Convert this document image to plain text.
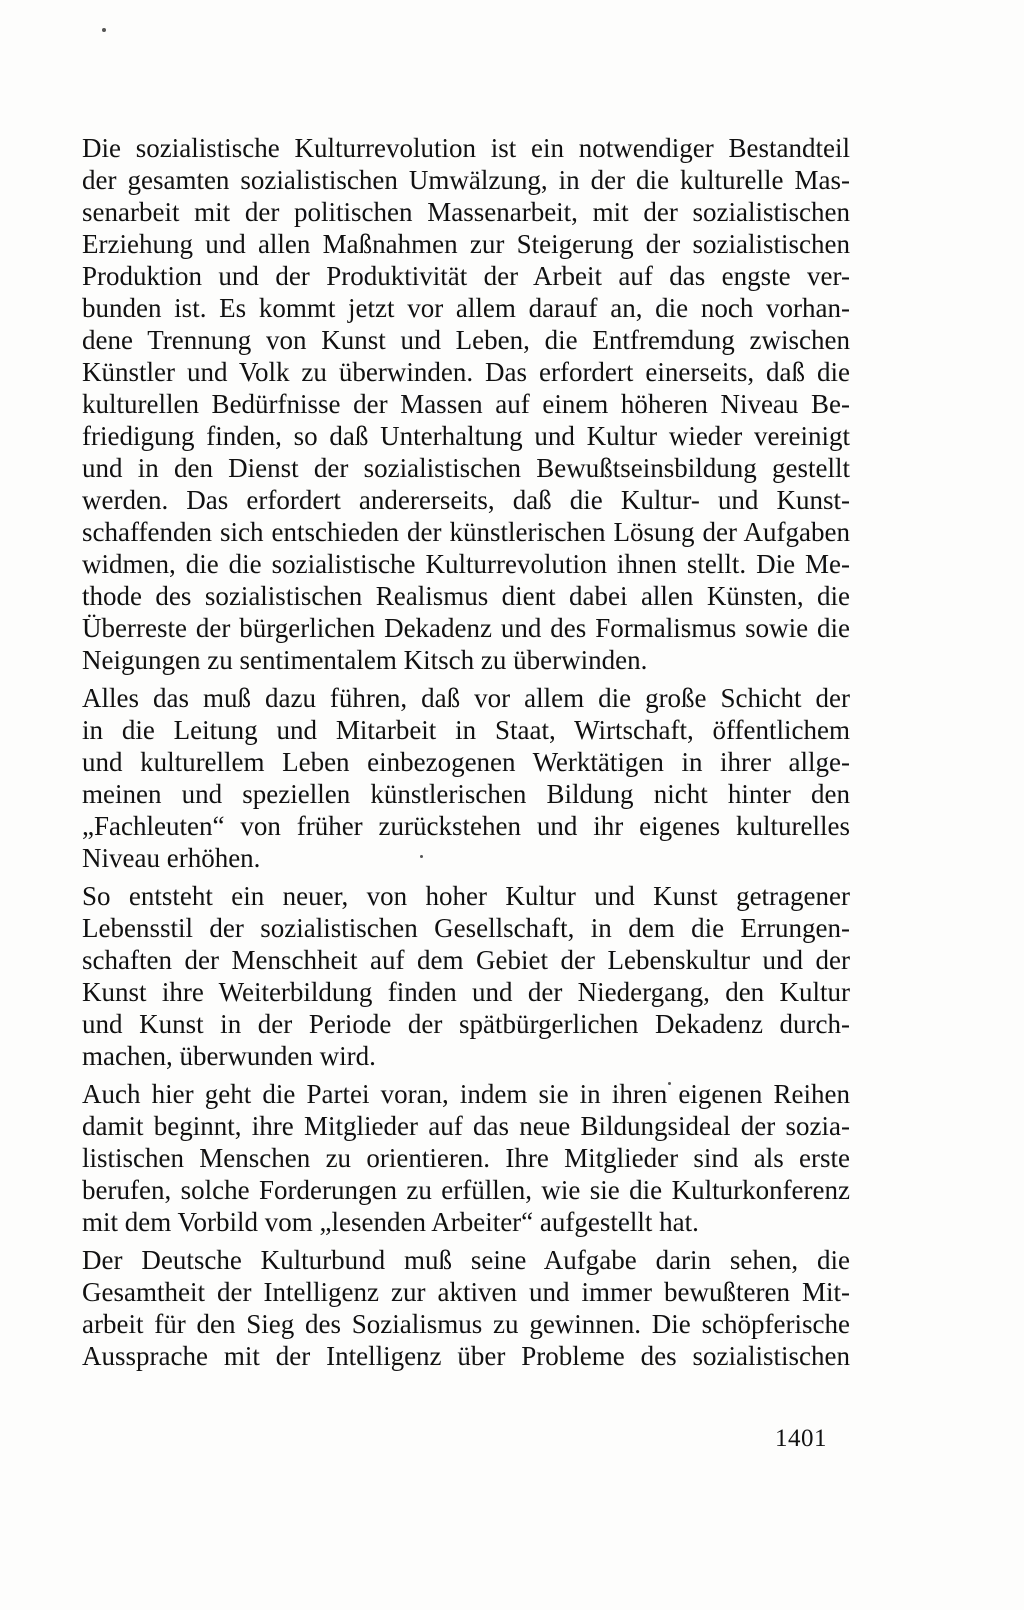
Die sozialistische Kulturrevolution ist ein notwendiger Bestandteil
der gesamten sozialistischen Umwälzung, in der die kulturelle Mas-
senarbeit mit der politischen Massenarbeit, mit der sozialistischen
Erziehung und allen Maßnahmen zur Steigerung der sozialistischen
Produktion und der Produktivität der Arbeit auf das engste ver-
bunden ist. Es kommt jetzt vor allem darauf an, die noch vorhan-
dene Trennung von Kunst und Leben, die Entfremdung zwischen
Künstler und Volk zu überwinden. Das erfordert einerseits, daß die
kulturellen Bedürfnisse der Massen auf einem höheren Niveau Be-
friedigung finden, so daß Unterhaltung und Kultur wieder vereinigt
und in den Dienst der sozialistischen Bewußtseinsbildung gestellt
werden. Das erfordert andererseits, daß die Kultur- und Kunst-
schaffenden sich entschieden der künstlerischen Lösung der Aufgaben
widmen, die die sozialistische Kulturrevolution ihnen stellt. Die Me-
thode des sozialistischen Realismus dient dabei allen Künsten, die
Überreste der bürgerlichen Dekadenz und des Formalismus sowie die
Neigungen zu sentimentalem Kitsch zu überwinden.
Alles das muß dazu führen, daß vor allem die große Schicht der
in die Leitung und Mitarbeit in Staat, Wirtschaft, öffentlichem
und kulturellem Leben einbezogenen Werktätigen in ihrer allge-
meinen und speziellen künstlerischen Bildung nicht hinter den
„Fachleuten“ von früher zurückstehen und ihr eigenes kulturelles
Niveau erhöhen.
So entsteht ein neuer, von hoher Kultur und Kunst getragener
Lebensstil der sozialistischen Gesellschaft, in dem die Errungen-
schaften der Menschheit auf dem Gebiet der Lebenskultur und der
Kunst ihre Weiterbildung finden und der Niedergang, den Kultur
und Kunst in der Periode der spätbürgerlichen Dekadenz durch-
machen, überwunden wird.
Auch hier geht die Partei voran, indem sie in ihren eigenen Reihen
damit beginnt, ihre Mitglieder auf das neue Bildungsideal der sozia-
listischen Menschen zu orientieren. Ihre Mitglieder sind als erste
berufen, solche Forderungen zu erfüllen, wie sie die Kulturkonferenz
mit dem Vorbild vom „lesenden Arbeiter“ aufgestellt hat.
Der Deutsche Kulturbund muß seine Aufgabe darin sehen, die
Gesamtheit der Intelligenz zur aktiven und immer bewußteren Mit-
arbeit für den Sieg des Sozialismus zu gewinnen. Die schöpferische
Aussprache mit der Intelligenz über Probleme des sozialistischen
1401
